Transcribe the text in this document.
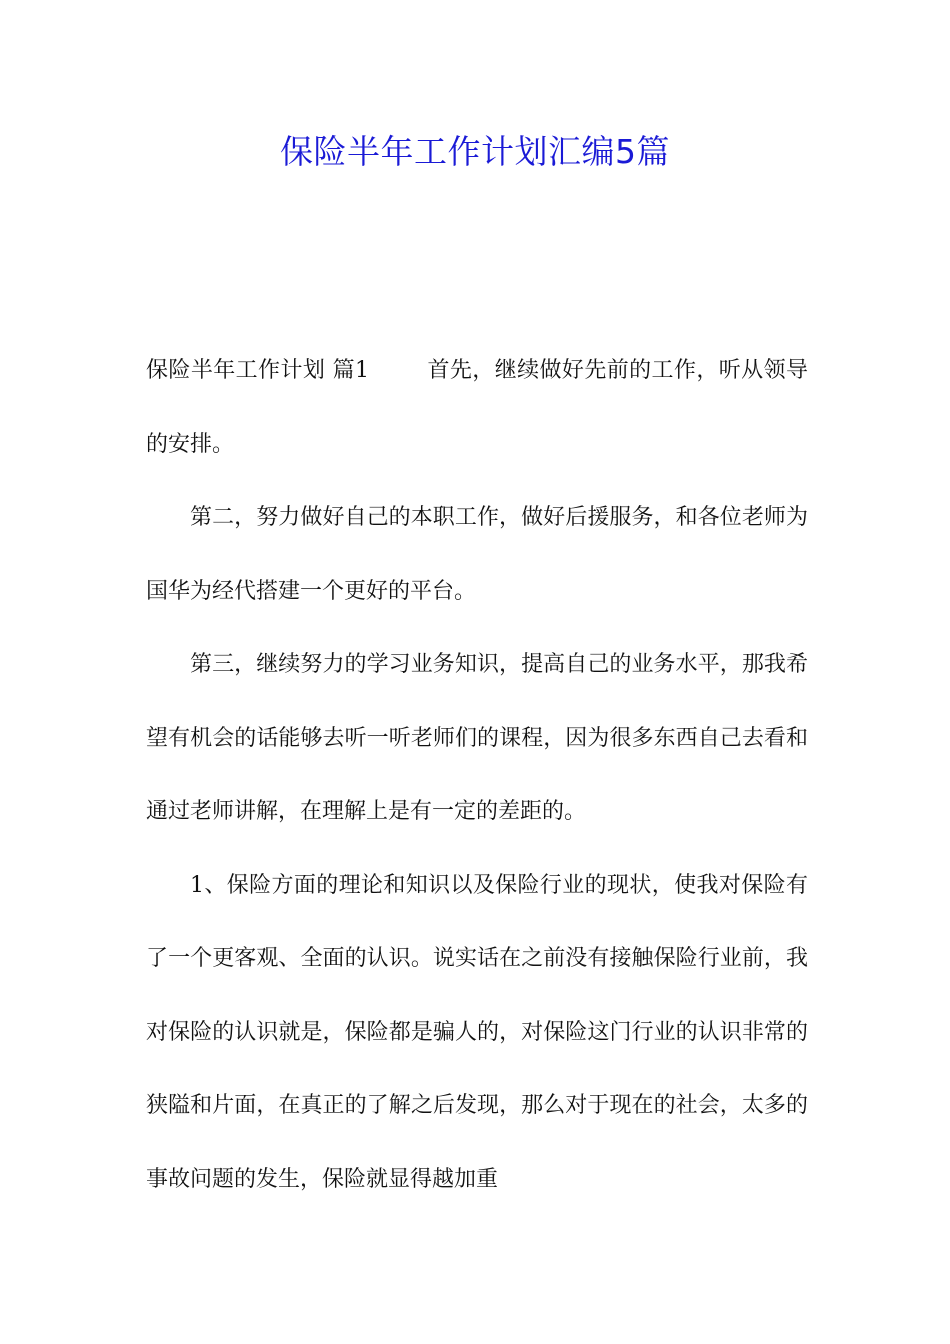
保险半年工作计划汇编5篇

保险半年工作计划 篇1	首先，继续做好先前的工作，听从领导的安排。

第二，努力做好自己的本职工作，做好后援服务，和各位老师为国华为经代搭建一个更好的平台。

第三，继续努力的学习业务知识，提高自己的业务水平，那我希望有机会的话能够去听一听老师们的课程，因为很多东西自己去看和通过老师讲解，在理解上是有一定的差距的。

1、保险方面的理论和知识以及保险行业的现状，使我对保险有了一个更客观、全面的认识。说实话在之前没有接触保险行业前，我对保险的认识就是，保险都是骗人的，对保险这门行业的认识非常的狭隘和片面，在真正的了解之后发现，那么对于现在的社会，太多的事故问题的发生，保险就显得越加重
